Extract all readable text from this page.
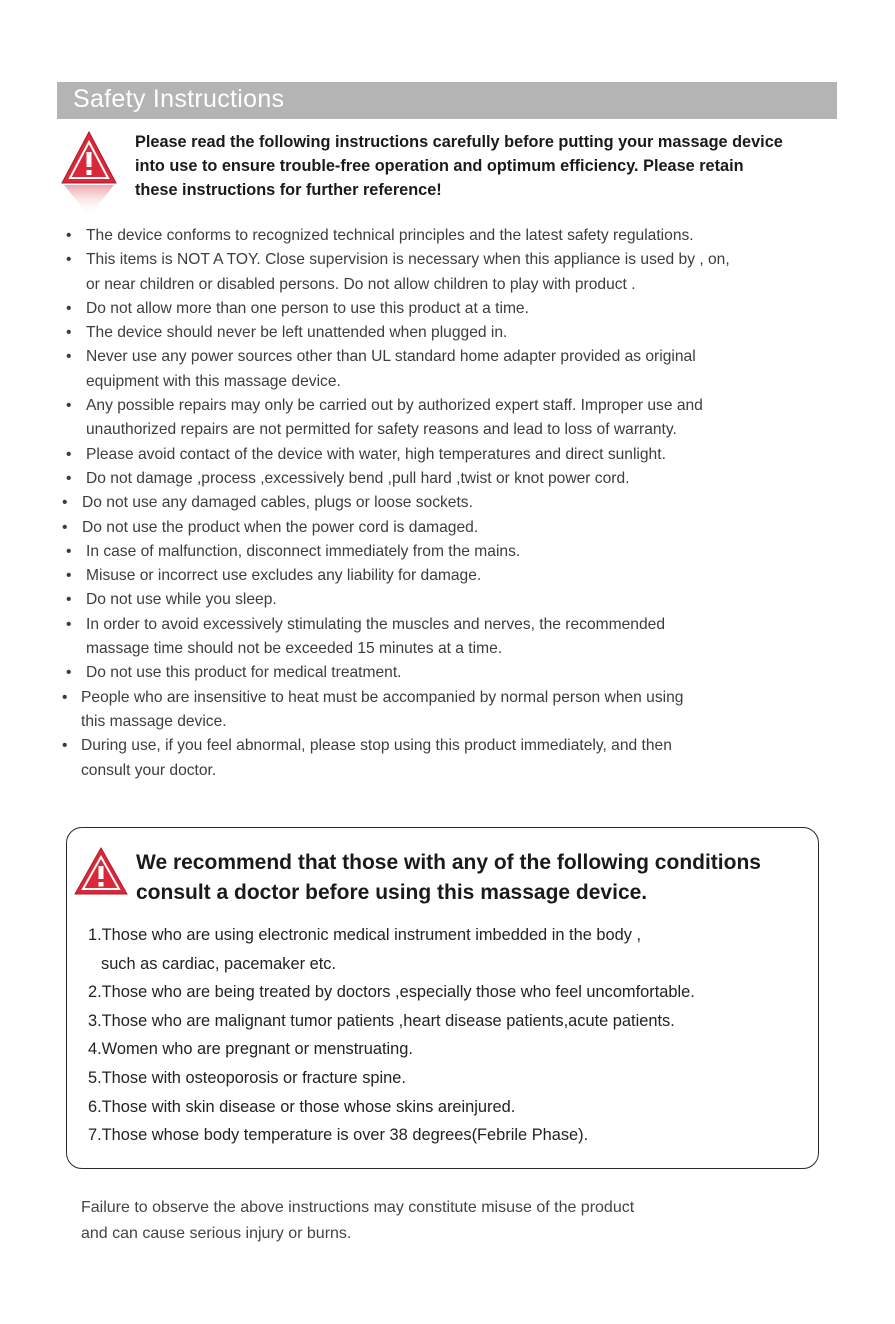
Safety Instructions
Please read the following instructions carefully before putting your massage device
into use to ensure trouble-free operation and optimum efficiency. Please retain
these instructions for further reference!
• The device conforms to recognized technical principles and the latest safety regulations.
• This items is NOT A TOY. Close supervision is necessary when this appliance is used by , on,
or near children or disabled persons. Do not allow children to play with product .
• Do not allow more than one person to use this product at a time.
• The device should never be left unattended when plugged in.
• Never use any power sources other than UL standard home adapter provided as original
equipment with this massage device.
• Any possible repairs may only be carried out by authorized expert staff. Improper use and
unauthorized repairs are not permitted for safety reasons and lead to loss of warranty.
• Please avoid contact of the device with water, high temperatures and direct sunlight.
• Do not damage ,process ,excessively bend ,pull hard ,twist or knot power cord.
• Do not use any damaged cables, plugs or loose sockets.
• Do not use the product when the power cord is damaged.
• In case of malfunction, disconnect immediately from the mains.
• Misuse or incorrect use excludes any liability for damage.
• Do not use while you sleep.
• In order to avoid excessively stimulating the muscles and nerves, the recommended
massage time should not be exceeded 15 minutes at a time.
• Do not use this product for medical treatment.
• People who are insensitive to heat must be accompanied by normal person when using
this massage device.
• During use, if you feel abnormal, please stop using this product immediately, and then
consult your doctor.
We recommend that those with any of the following conditions
consult a doctor before using this massage device.
1.Those who are using electronic medical instrument imbedded in the body ,
such as cardiac, pacemaker etc.
2.Those who are being treated by doctors ,especially those who feel uncomfortable.
3.Those who are malignant tumor patients ,heart disease patients,acute patients.
4.Women who are pregnant or menstruating.
5.Those with osteoporosis or fracture spine.
6.Those with skin disease or those whose skins areinjured.
7.Those whose body temperature is over 38 degrees(Febrile Phase).
Failure to observe the above instructions may constitute misuse of the product
and can cause serious injury or burns.
